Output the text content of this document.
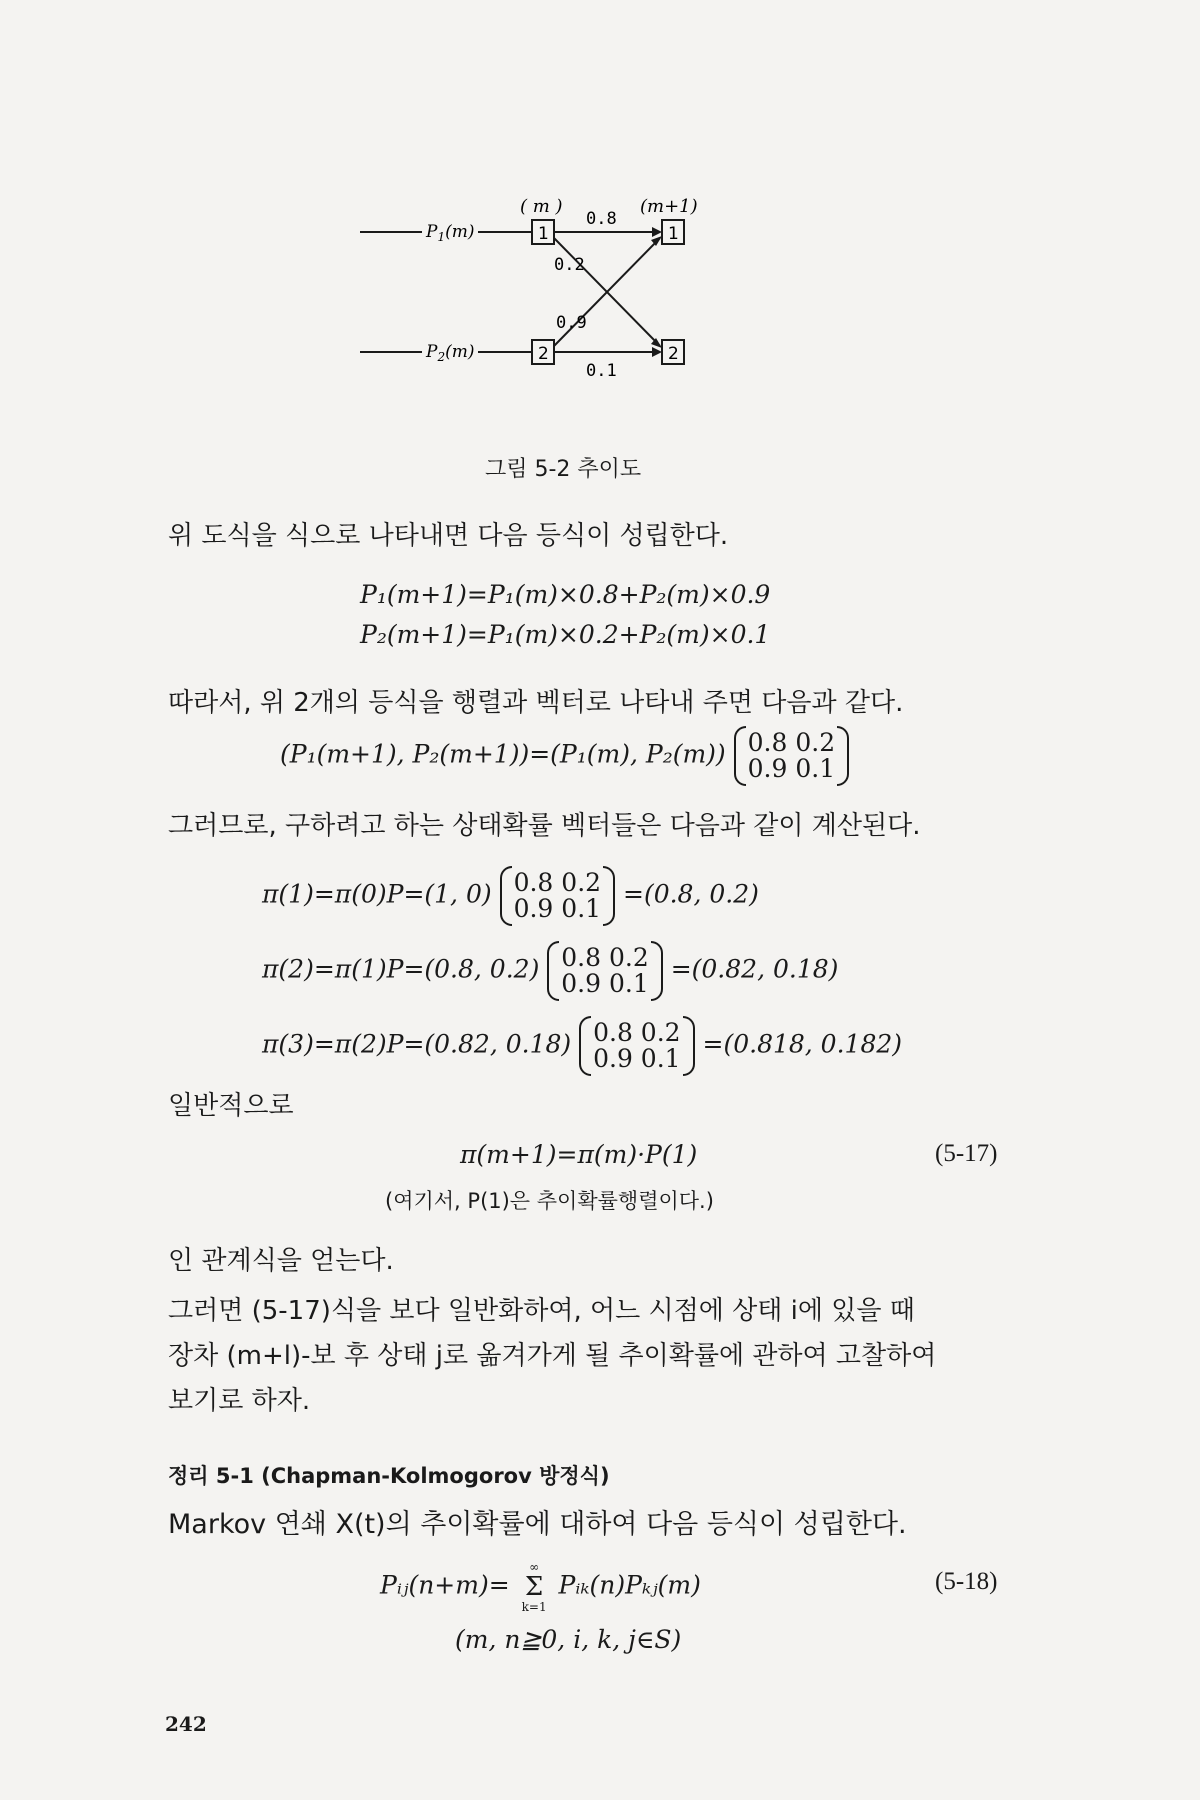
( m )	(m+1)
$P_1(m)$
$P_2(m)$
1
2
1
2
0.8
0.2
0.9
0.1
그림 5-2 추이도
위 도식을 식으로 나타내면 다음 등식이 성립한다.
P₁(m+1)=P₁(m)×0.8+P₂(m)×0.9
P₂(m+1)=P₁(m)×0.2+P₂(m)×0.1
따라서, 위 2개의 등식을 행렬과 벡터로 나타내 주면 다음과 같다.
(P₁(m+1), P₂(m+1))=(P₁(m), P₂(m)) 0.8 0.2
0.9 0.1
그러므로, 구하려고 하는 상태확률 벡터들은 다음과 같이 계산된다.
π(1)=π(0)P=(1, 0) 0.8 0.2
0.9 0.1 =(0.8, 0.2)
π(2)=π(1)P=(0.8, 0.2) 0.8 0.2
0.9 0.1 =(0.82, 0.18)
π(3)=π(2)P=(0.82, 0.18) 0.8 0.2
0.9 0.1 =(0.818, 0.182)
일반적으로
π(m+1)=π(m)·P(1)	(5-17)
(여기서, P(1)은 추이확률행렬이다.)
인 관계식을 얻는다.
그러면 (5-17)식을 보다 일반화하여, 어느 시점에 상태 i에 있을 때
장차 (m+l)-보 후 상태 j로 옮겨가게 될 추이확률에 관하여 고찰하여
보기로 하자.
정리 5-1 (Chapman-Kolmogorov 방정식)
Markov 연쇄 X(t)의 추이확률에 대하여 다음 등식이 성립한다.
Pᵢⱼ(n+m)=
∞
Σ
k=1
Pᵢₖ(n)Pₖⱼ(m)	(5-18)
(m, n≧0, i, k, j∈S)
242
